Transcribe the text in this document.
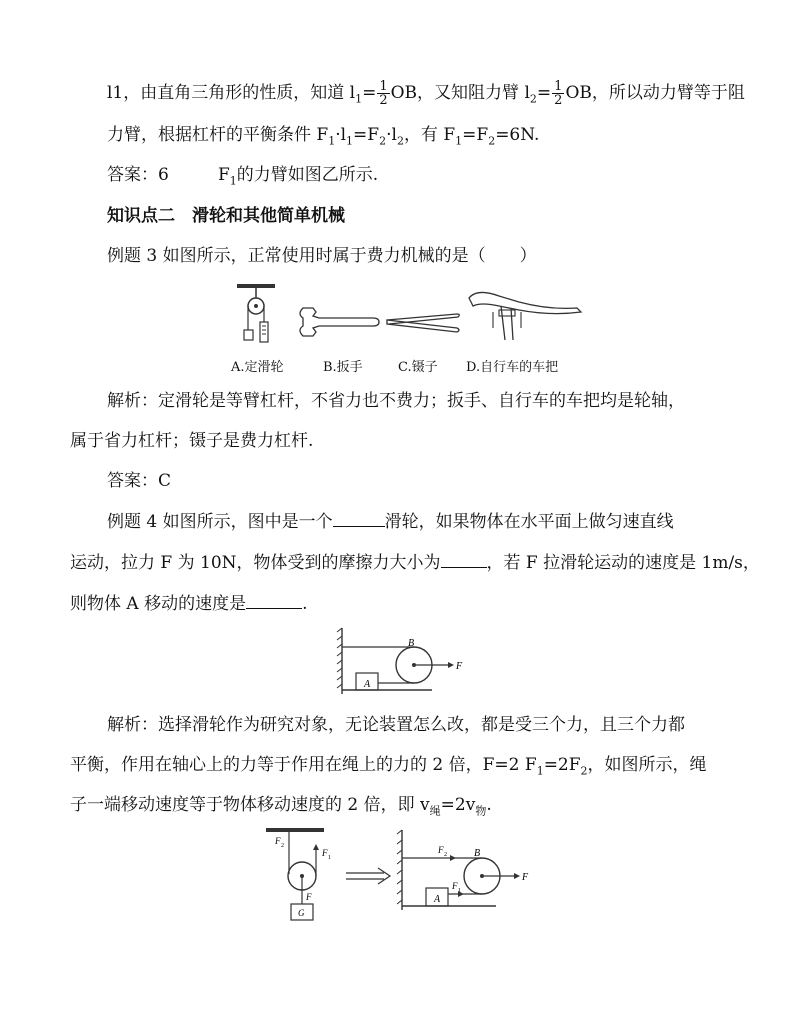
l1，由直角三角形的性质，知道 $l_1= \frac{1}{2}$ OB，又知阻力臂 $l_2= \frac{1}{2}$ OB，所以动力臂等于阻
力臂，根据杠杆的平衡条件 $F_1\cdot l_1=F_2\cdot l_2$，有 $F_1=F_2=6N$.
答案：6	$F_1$的力臂如图乙所示.
知识点二　滑轮和其他简单机械
例题 3 如图所示，正常使用时属于费力机械的是（　　）
A.定滑轮	B.扳手	C.镊子 D.自行车的车把
解析：定滑轮是等臂杠杆，不省力也不费力；扳手、自行车的车把均是轮轴，
属于省力杠杆；镊子是费力杠杆.
答案：C
例题 4 如图所示，图中是一个	滑轮，如果物体在水平面上做匀速直线
运动，拉力 F 为 10N，物体受到的摩擦力大小为	，若 F 拉滑轮运动的速度是 1m/s，
则物体 A 移动的速度是	.
A
B
F
解析：选择滑轮作为研究对象，无论装置怎么改，都是受三个力，且三个力都
平衡，作用在轴心上的力等于作用在绳上的力的 2 倍，F=2 $F_1=2F_2$，如图所示，绳
子一端移动速度等于物体移动速度的 2 倍，即 $v_绳=2v_物$.
F 2
F 1
F
G
F 2
F 1
A
B
F
